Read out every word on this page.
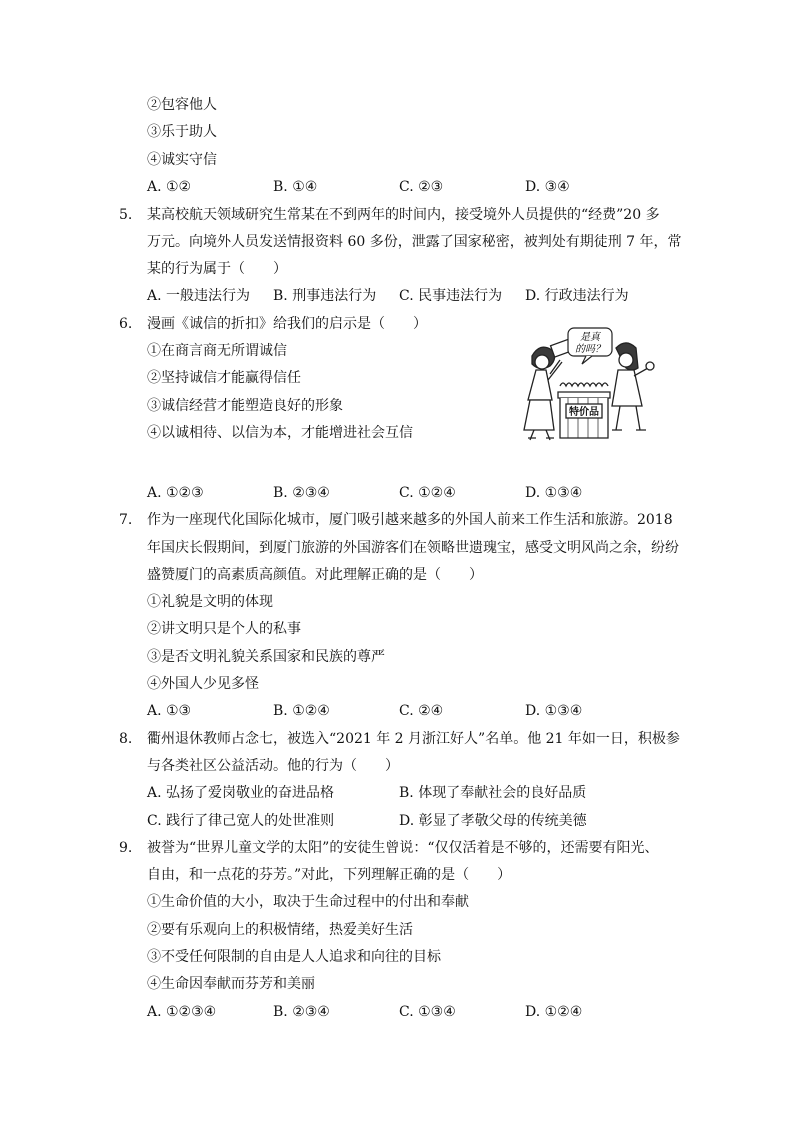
②包容他人
③乐于助人
④诚实守信
A. ①②	B. ①④	C. ②③	D. ③④
5. 某高校航天领域研究生常某在不到两年的时间内，接受境外人员提供的“经费”20 多
万元。向境外人员发送情报资料 60 多份，泄露了国家秘密，被判处有期徒刑 7 年，常
某的行为属于（　　）
A. 一般违法行为 B. 刑事违法行为 C. 民事违法行为 D. 行政违法行为
6. 漫画《诚信的折扣》给我们的启示是（　　）
①在商言商无所谓诚信
②坚持诚信才能赢得信任
③诚信经营才能塑造良好的形象
④以诚相待、以信为本，才能增进社会互信
是真
的吗？
特价品
A. ①②③	B. ②③④	C. ①②④	D. ①③④
7. 作为一座现代化国际化城市，厦门吸引越来越多的外国人前来工作生活和旅游。2018
年国庆长假期间，到厦门旅游的外国游客们在领略世遗瑰宝，感受文明风尚之余，纷纷
盛赞厦门的高素质高颜值。对此理解正确的是（　　）
①礼貌是文明的体现
②讲文明只是个人的私事
③是否文明礼貌关系国家和民族的尊严
④外国人少见多怪
A. ①③	B. ①②④	C. ②④	D. ①③④
8. 衢州退休教师占念七，被选入“2021 年 2 月浙江好人”名单。他 21 年如一日，积极参
与各类社区公益活动。他的行为（　　）
A. 弘扬了爱岗敬业的奋进品格	B. 体现了奉献社会的良好品质
C. 践行了律己宽人的处世准则	D. 彰显了孝敬父母的传统美德
9. 被誉为“世界儿童文学的太阳”的安徒生曾说：“仅仅活着是不够的，还需要有阳光、
自由，和一点花的芬芳。”对此，下列理解正确的是（　　）
①生命价值的大小，取决于生命过程中的付出和奉献
②要有乐观向上的积极情绪，热爱美好生活
③不受任何限制的自由是人人追求和向往的目标
④生命因奉献而芬芳和美丽
A. ①②③④	B. ②③④	C. ①③④	D. ①②④
